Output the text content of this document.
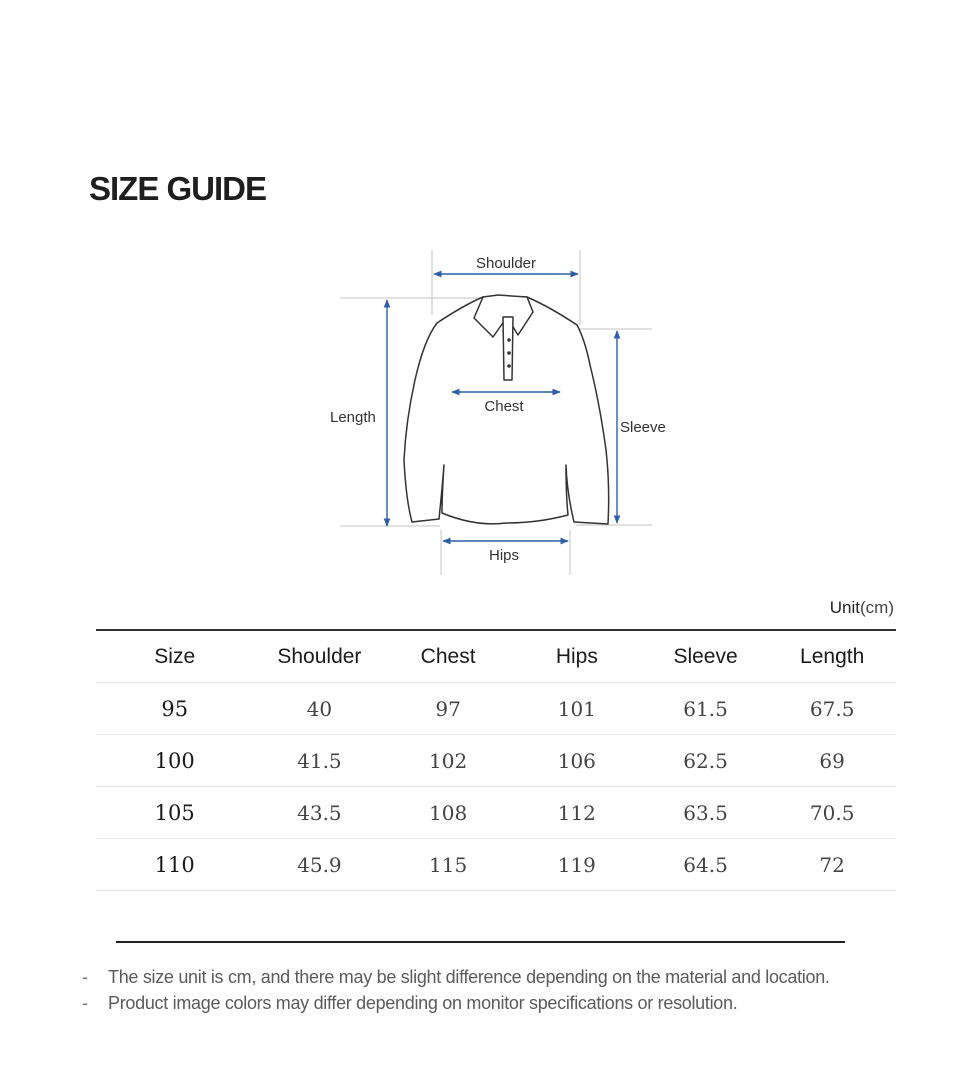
SIZE GUIDE
Shoulder
Chest
Length
Sleeve
Hips
Unit(cm)
Size	Shoulder	Chest	Hips	Sleeve	Length
95	40	97	101	61.5	67.5
100	41.5	102	106	62.5	69
105	43.5	108	112	63.5	70.5
110	45.9	115	119	64.5	72
- The size unit is cm, and there may be slight difference depending on the material and location.
- Product image colors may differ depending on monitor specifications or resolution.
